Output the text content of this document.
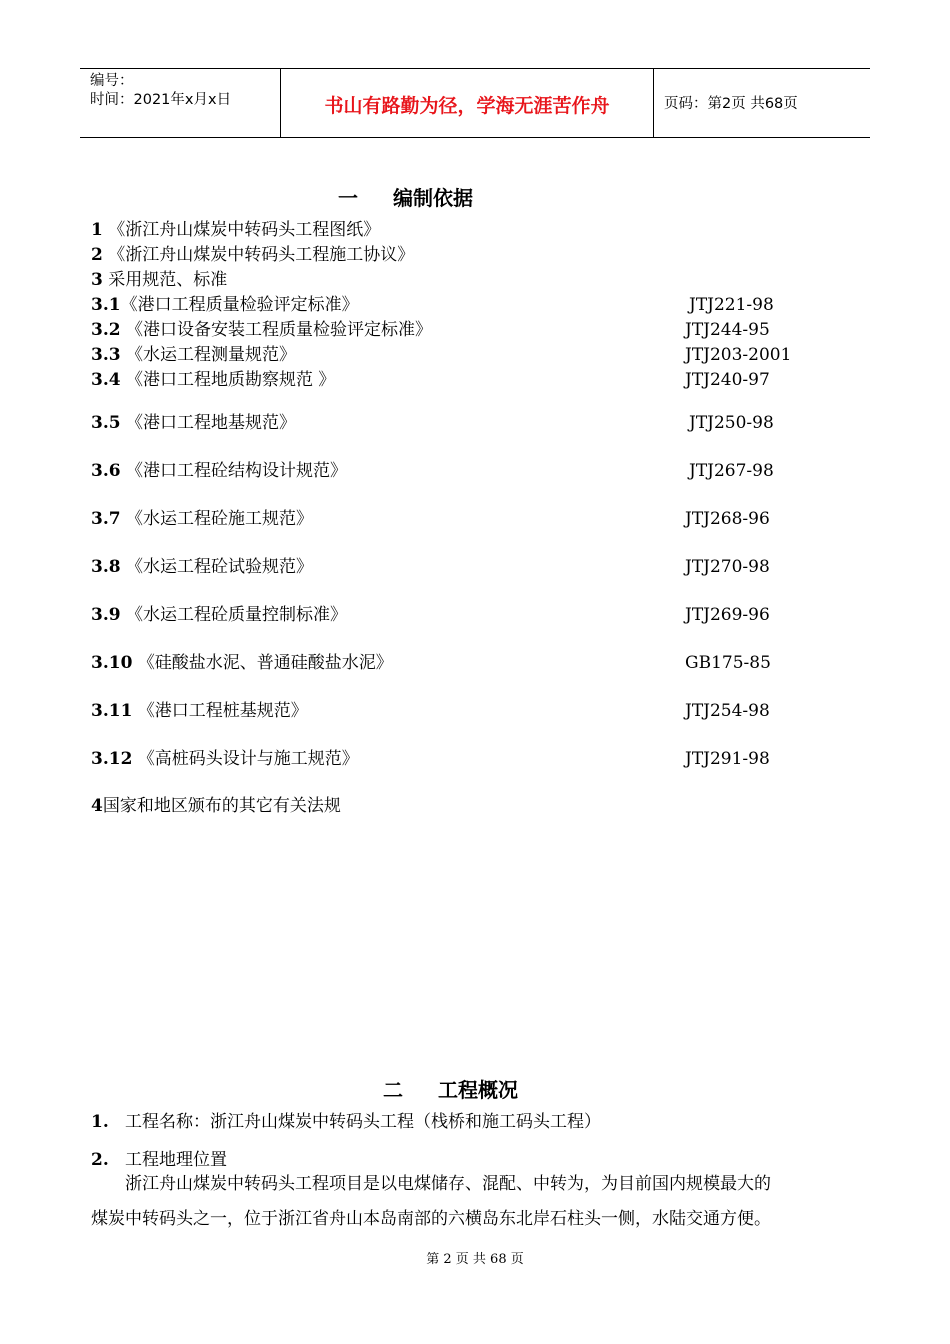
编号：
时间：2021年x月x日	书山有路勤为径，学海无涯苦作舟	页码：第2页 共68页
一 编制依据
1 《浙江舟山煤炭中转码头工程图纸》
2 《浙江舟山煤炭中转码头工程施工协议》
3 采用规范、标准
3.1《港口工程质量检验评定标准》	JTJ221-98
3.2 《港口设备安装工程质量检验评定标准》	JTJ244-95
3.3 《水运工程测量规范》	JTJ203-2001
3.4 《港口工程地质勘察规范 》	JTJ240-97
3.5 《港口工程地基规范》	JTJ250-98
3.6 《港口工程砼结构设计规范》	JTJ267-98
3.7 《水运工程砼施工规范》	JTJ268-96
3.8 《水运工程砼试验规范》	JTJ270-98
3.9 《水运工程砼质量控制标准》	JTJ269-96
3.10 《硅酸盐水泥、普通硅酸盐水泥》	GB175-85
3.11 《港口工程桩基规范》	JTJ254-98
3.12 《高桩码头设计与施工规范》	JTJ291-98
4国家和地区颁布的其它有关法规
二 工程概况
1. 工程名称：浙江舟山煤炭中转码头工程（栈桥和施工码头工程）
2. 工程地理位置
浙江舟山煤炭中转码头工程项目是以电煤储存、混配、中转为，为目前国内规模最大的
煤炭中转码头之一，位于浙江省舟山本岛南部的六横岛东北岸石柱头一侧，水陆交通方便。
第 2 页 共 68 页
